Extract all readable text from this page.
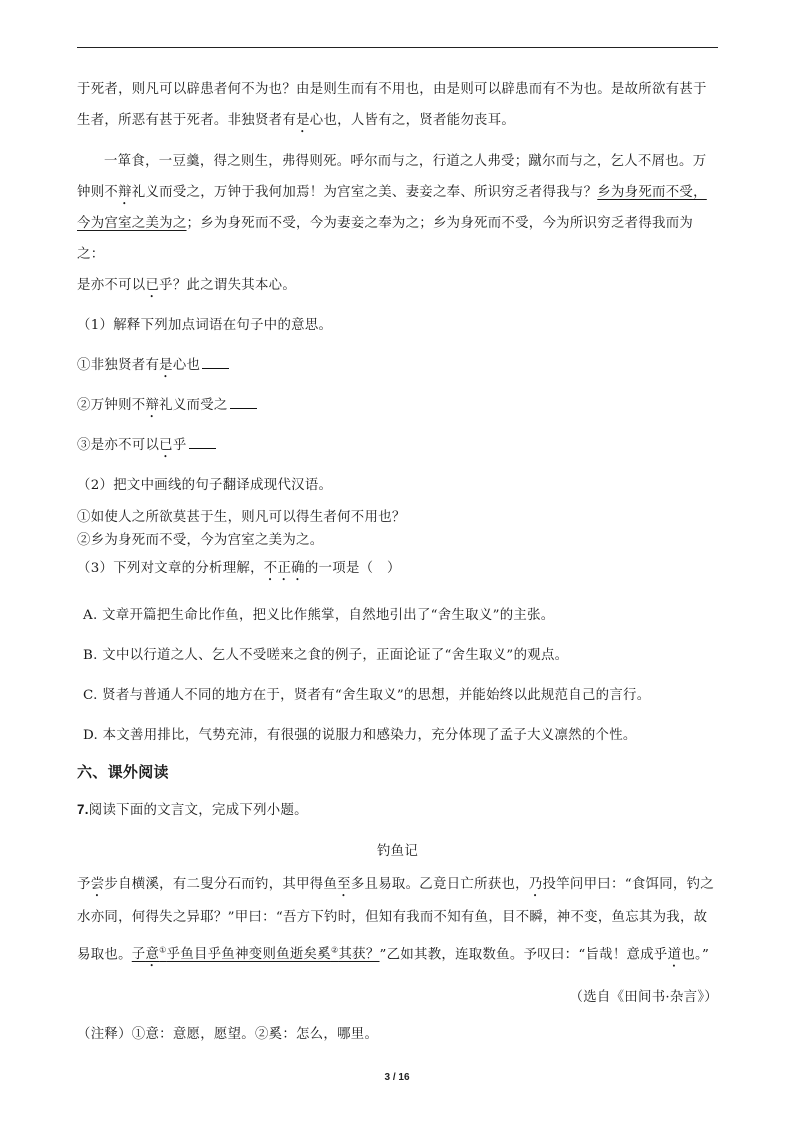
于死者，则凡可以辟患者何不为也？由是则生而有不用也，由是则可以辟患而有不为也。是故所欲有甚于

生者，所恶有甚于死者。非独贤者有是心也，人皆有之，贤者能勿丧耳。

一箪食，一豆羹，得之则生，弗得则死。呼尔而与之，行道之人弗受；蹴尔而与之，乞人不屑也。万

钟则不辩礼义而受之，万钟于我何加焉！为宫室之美、妻妾之奉、所识穷乏者得我与？乡为身死而不受，

今为宫室之美为之；乡为身死而不受，今为妻妾之奉为之；乡为身死而不受，今为所识穷乏者得我而为之：

是亦不可以已乎？此之谓失其本心。

（1）解释下列加点词语在句子中的意思。

①非独贤者有是心也

②万钟则不辩礼义而受之

③是亦不可以已乎

（2）把文中画线的句子翻译成现代汉语。

①如使人之所欲莫甚于生，则凡可以得生者何不用也？

②乡为身死而不受，今为宫室之美为之。

（3）下列对文章的分析理解，不正确的一项是（　）

A. 文章开篇把生命比作鱼，把义比作熊掌，自然地引出了“舍生取义”的主张。

B. 文中以行道之人、乞人不受嗟来之食的例子，正面论证了“舍生取义”的观点。

C. 贤者与普通人不同的地方在于，贤者有“舍生取义”的思想，并能始终以此规范自己的言行。

D. 本文善用排比，气势充沛，有很强的说服力和感染力，充分体现了孟子大义凛然的个性。

六、课外阅读

7.阅读下面的文言文，完成下列小题。

钓鱼记

予尝步自横溪，有二叟分石而钓，其甲得鱼至多且易取。乙竟日亡所获也，乃投竿问甲曰：“食饵同，钓之

水亦同，何得失之异耶？”甲曰：“吾方下钓时，但知有我而不知有鱼，目不瞬，神不变，鱼忘其为我，故

易取也。子意①乎鱼目乎鱼神变则鱼逝矣奚②其获？”乙如其教，连取数鱼。予叹曰：“旨哉！意成乎道也。”

（选自《田间书·杂言》）

（注释）①意：意愿，愿望。②奚：怎么，哪里。

3 / 16
